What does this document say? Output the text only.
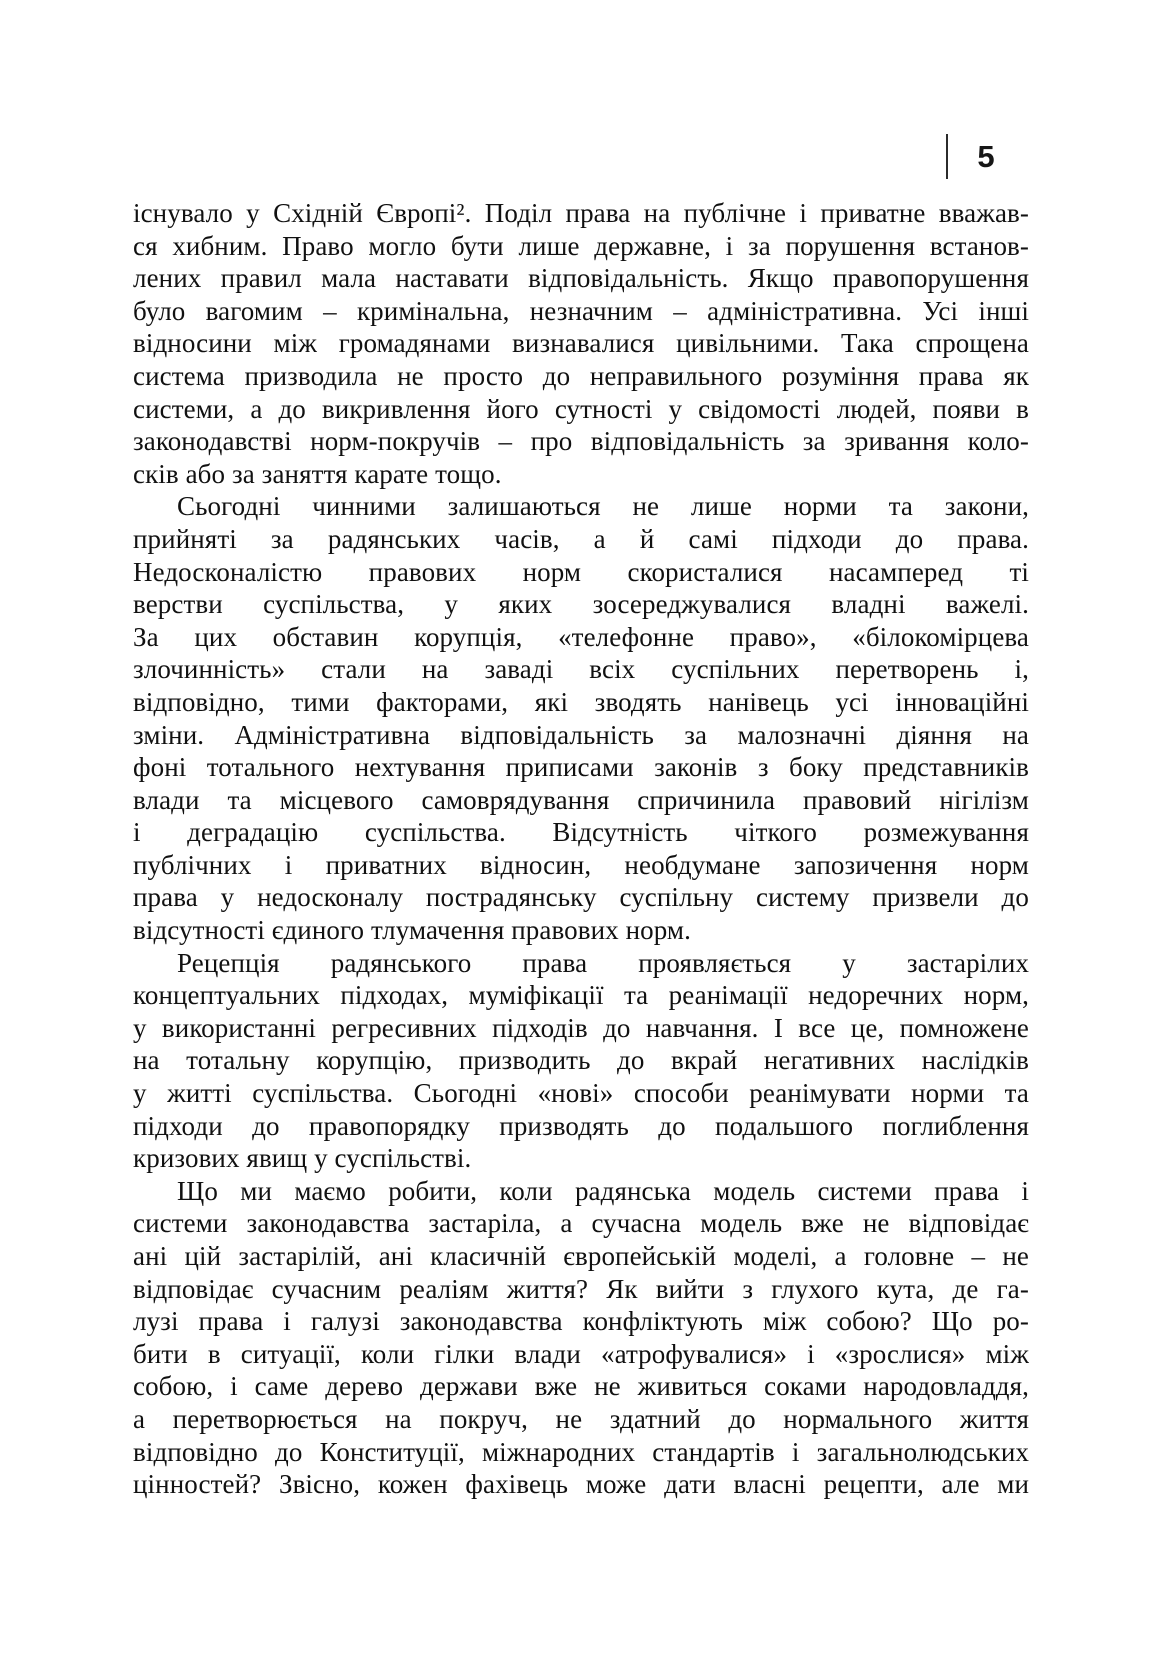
5

існувало у Східній Європі². Поділ права на публічне і приватне вважав-
ся хибним. Право могло бути лише державне, і за порушення встанов-
лених правил мала наставати відповідальність. Якщо правопорушення
було вагомим – кримінальна, незначним – адміністративна. Усі інші
відносини між громадянами визнавалися цивільними. Така спрощена
система призводила не просто до неправильного розуміння права як
системи, а до викривлення його сутності у свідомості людей, появи в
законодавстві норм-покручів – про відповідальність за зривання коло-
сків або за заняття карате тощо.

Сьогодні чинними залишаються не лише норми та закони,
прийняті за радянських часів, а й самі підходи до права.
Недосконалістю правових норм скористалися насамперед ті
верстви суспільства, у яких зосереджувалися владні важелі.
За цих обставин корупція, «телефонне право», «білокомірцева
злочинність» стали на заваді всіх суспільних перетворень і,
відповідно, тими факторами, які зводять нанівець усі інноваційні
зміни. Адміністративна відповідальність за малозначні діяння на
фоні тотального нехтування приписами законів з боку представників
влади та місцевого самоврядування спричинила правовий нігілізм
і деградацію суспільства. Відсутність чіткого розмежування
публічних і приватних відносин, необдумане запозичення норм
права у недосконалу пострадянську суспільну систему призвели до
відсутності єдиного тлумачення правових норм.

Рецепція радянського права проявляється у застарілих
концептуальних підходах, муміфікації та реанімації недоречних норм,
у використанні регресивних підходів до навчання. І все це, помножене
на тотальну корупцію, призводить до вкрай негативних наслідків
у житті суспільства. Сьогодні «нові» способи реанімувати норми та
підходи до правопорядку призводять до подальшого поглиблення
кризових явищ у суспільстві.

Що ми маємо робити, коли радянська модель системи права і
системи законодавства застаріла, а сучасна модель вже не відповідає
ані цій застарілій, ані класичній європейській моделі, а головне – не
відповідає сучасним реаліям життя? Як вийти з глухого кута, де га-
лузі права і галузі законодавства конфліктують між собою? Що ро-
бити в ситуації, коли гілки влади «атрофувалися» і «зрослися» між
собою, і саме дерево держави вже не живиться соками народовладдя,
а перетворюється на покруч, не здатний до нормального життя
відповідно до Конституції, міжнародних стандартів і загальнолюдських
цінностей? Звісно, кожен фахівець може дати власні рецепти, але ми
